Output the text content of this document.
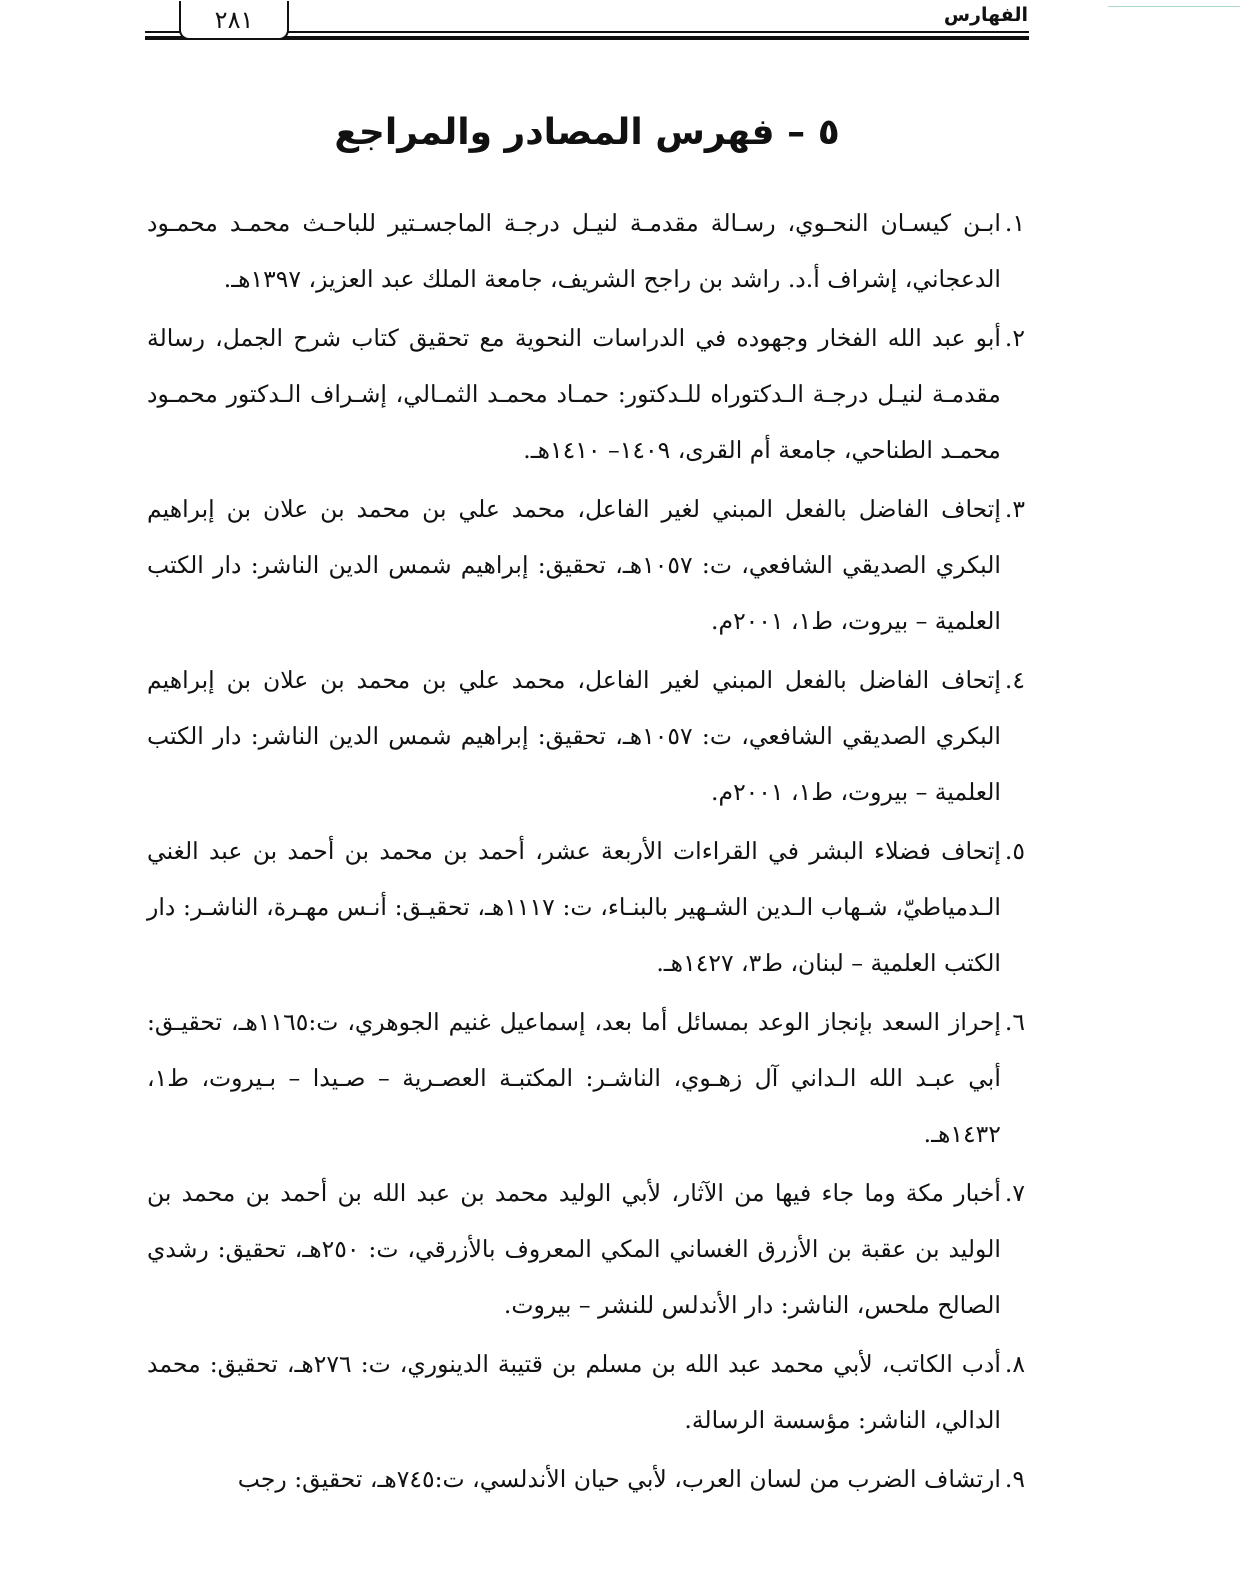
٢٨١	الفهارس
٥ – فهرس المصادر والمراجع
١.
ابـن كيسـان النحـوي، رسـالة مقدمـة لنيـل درجـة الماجسـتير للباحـث محمـد محمـود الدعجاني، إشراف أ.د. راشد بن راجح الشريف، جامعة الملك عبد العزيز، ١٣٩٧هـ.
٢.
أبو عبد الله الفخار وجهوده في الدراسات النحوية مع تحقيق كتاب شرح الجمل، رسالة مقدمـة لنيـل درجـة الـدكتوراه للـدكتور: حمـاد محمـد الثمـالي، إشـراف الـدكتور محمـود محمـد الطناحي، جامعة أم القرى، ١٤٠٩– ١٤١٠هـ.
٣.
إتحاف الفاضل بالفعل المبني لغير الفاعل، محمد علي بن محمد بن علان بن إبراهيم البكري الصديقي الشافعي، ت: ١٠٥٧هـ، تحقيق: إبراهيم شمس الدين الناشر: دار الكتب العلمية – بيروت، ط١، ٢٠٠١م.
٤.
إتحاف الفاضل بالفعل المبني لغير الفاعل، محمد علي بن محمد بن علان بن إبراهيم البكري الصديقي الشافعي، ت: ١٠٥٧هـ، تحقيق: إبراهيم شمس الدين الناشر: دار الكتب العلمية – بيروت، ط١، ٢٠٠١م.
٥.
إتحاف فضلاء البشر في القراءات الأربعة عشر، أحمد بن محمد بن أحمد بن عبد الغني الـدمياطيّ، شـهاب الـدين الشـهير بالبنـاء، ت: ١١١٧هـ، تحقيـق: أنـس مهـرة، الناشـر: دار الكتب العلمية – لبنان، ط٣، ١٤٢٧هـ.
٦.
إحراز السعد بإنجاز الوعد بمسائل أما بعد، إسماعيل غنيم الجوهري، ت:١١٦٥هـ، تحقيـق: أبي عبـد الله الـداني آل زهـوي، الناشـر: المكتبـة العصـرية – صـيدا – بـيروت، ط١، ١٤٣٢هـ.
٧.
أخبار مكة وما جاء فيها من الآثار، لأبي الوليد محمد بن عبد الله بن أحمد بن محمد بن الوليد بن عقبة بن الأزرق الغساني المكي المعروف بالأزرقي، ت: ٢٥٠هـ، تحقيق: رشدي الصالح ملحس، الناشر: دار الأندلس للنشر – بيروت.
٨.
أدب الكاتب، لأبي محمد عبد الله بن مسلم بن قتيبة الدينوري، ت: ٢٧٦هـ، تحقيق: محمد الدالي، الناشر: مؤسسة الرسالة.
٩.
ارتشاف الضرب من لسان العرب، لأبي حيان الأندلسي، ت:٧٤٥هـ، تحقيق: رجب
